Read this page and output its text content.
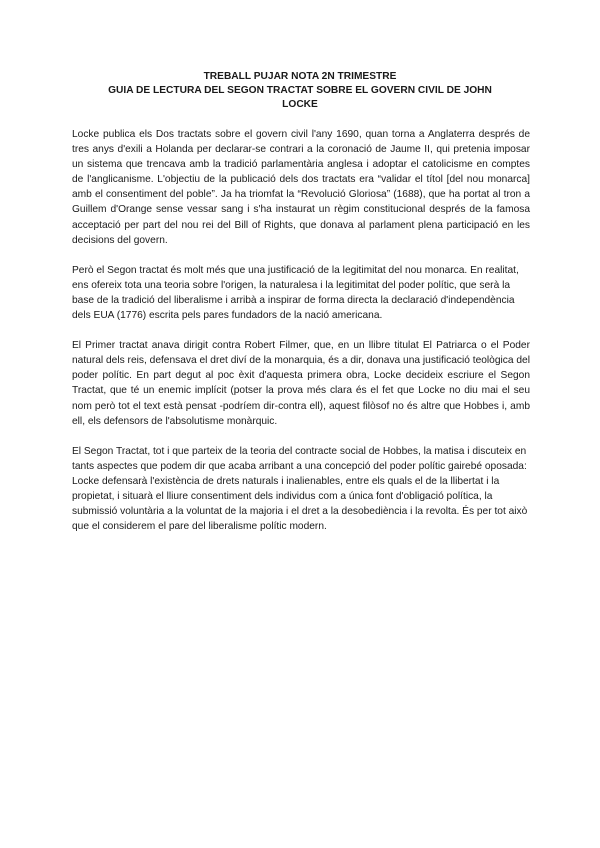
TREBALL PUJAR NOTA 2N TRIMESTRE
GUIA DE LECTURA DEL SEGON TRACTAT SOBRE EL GOVERN CIVIL DE JOHN
LOCKE

Locke publica els Dos tractats sobre el govern civil l'any 1690, quan torna a Anglaterra després de tres anys d'exili a Holanda per declarar-se contrari a la coronació de Jaume II, qui pretenia imposar un sistema que trencava amb la tradició parlamentària anglesa i adoptar el catolicisme en comptes de l'anglicanisme. L'objectiu de la publicació dels dos tractats era “validar el títol [del nou monarca] amb el consentiment del poble”. Ja ha triomfat la “Revolució Gloriosa” (1688), que ha portat al tron a Guillem d'Orange sense vessar sang i s'ha instaurat un règim constitucional després de la famosa acceptació per part del nou rei del Bill of Rights, que donava al parlament plena participació en les decisions del govern.

Però el Segon tractat és molt més que una justificació de la legitimitat del nou monarca. En realitat, ens ofereix tota una teoria sobre l'origen, la naturalesa i la legitimitat del poder polític, que serà la base de la tradició del liberalisme i arribà a inspirar de forma directa la declaració d'independència dels EUA (1776) escrita pels pares fundadors de la nació americana.

El Primer tractat anava dirigit contra Robert Filmer, que, en un llibre titulat El Patriarca o el Poder natural dels reis, defensava el dret diví de la monarquia, és a dir, donava una justificació teològica del poder polític. En part degut al poc èxit d'aquesta primera obra, Locke decideix escriure el Segon Tractat, que té un enemic implícit (potser la prova més clara és el fet que Locke no diu mai el seu nom però tot el text està pensat -podríem dir-contra ell), aquest filòsof no és altre que Hobbes i, amb ell, els defensors de l'absolutisme monàrquic.

El Segon Tractat, tot i que parteix de la teoria del contracte social de Hobbes, la matisa i discuteix en tants aspectes que podem dir que acaba arribant a una concepció del poder polític gairebé oposada: Locke defensarà l'existència de drets naturals i inalienables, entre els quals el de la llibertat i la propietat, i situarà el lliure consentiment dels individus com a única font d'obligació política, la submissió voluntària a la voluntat de la majoria i el dret a la desobediència i la revolta. És per tot això que el considerem el pare del liberalisme polític modern.
